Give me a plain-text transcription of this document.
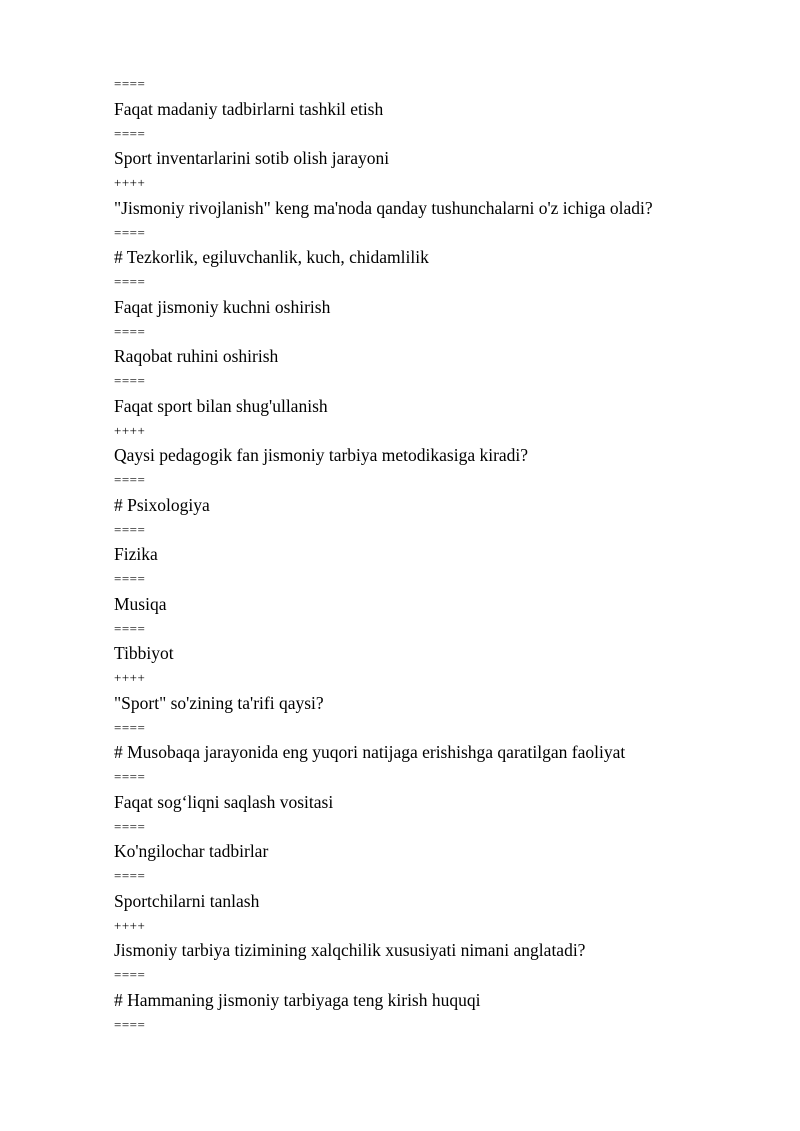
====
Faqat madaniy tadbirlarni tashkil etish
====
Sport inventarlarini sotib olish jarayoni
++++
"Jismoniy rivojlanish" keng ma'noda qanday tushunchalarni o'z ichiga oladi?
====
# Tezkorlik, egiluvchanlik, kuch, chidamlilik
====
Faqat jismoniy kuchni oshirish
====
Raqobat ruhini oshirish
====
Faqat sport bilan shug'ullanish
++++
Qaysi pedagogik fan jismoniy tarbiya metodikasiga kiradi?
====
# Psixologiya
====
Fizika
====
Musiqa
====
Tibbiyot
++++
"Sport" so'zining ta'rifi qaysi?
====
# Musobaqa jarayonida eng yuqori natijaga erishishga qaratilgan faoliyat
====
Faqat sog‘liqni saqlash vositasi
====
Ko'ngilochar tadbirlar
====
Sportchilarni tanlash
++++
Jismoniy tarbiya tizimining xalqchilik xususiyati nimani anglatadi?
====
# Hammaning jismoniy tarbiyaga teng kirish huquqi
====
